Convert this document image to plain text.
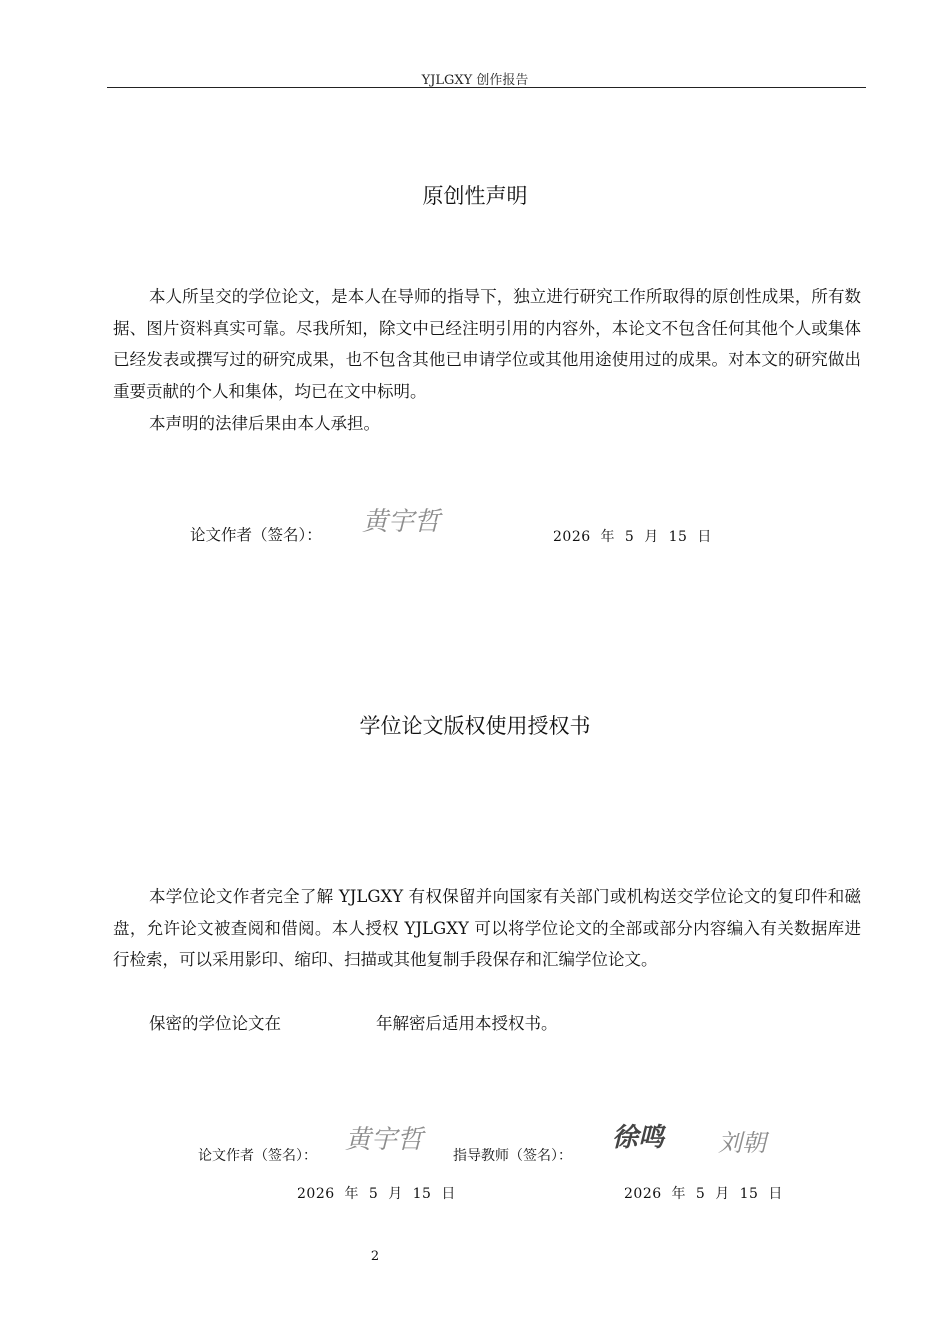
YJLGXY 创作报告
原创性声明
本人所呈交的学位论文，是本人在导师的指导下，独立进行研究工作所取得的原创性成果，所有数据、图片资料真实可靠。尽我所知，除文中已经注明引用的内容外，本论文不包含任何其他个人或集体已经发表或撰写过的研究成果，也不包含其他已申请学位或其他用途使用过的成果。对本文的研究做出重要贡献的个人和集体，均已在文中标明。
本声明的法律后果由本人承担。
论文作者（签名）： 黄宇哲	2026  年  5  月  15  日
学位论文版权使用授权书
本学位论文作者完全了解 YJLGXY 有权保留并向国家有关部门或机构送交学位论文的复印件和磁盘，允许论文被查阅和借阅。本人授权 YJLGXY 可以将学位论文的全部或部分内容编入有关数据库进行检索，可以采用影印、缩印、扫描或其他复制手段保存和汇编学位论文。
保密的学位论文在	年解密后适用本授权书。
论文作者（签名）：
黄宇哲
指导教师（签名）：
徐鸣 刘朝
2026  年  5  月  15  日	2026  年  5  月  15  日
2
